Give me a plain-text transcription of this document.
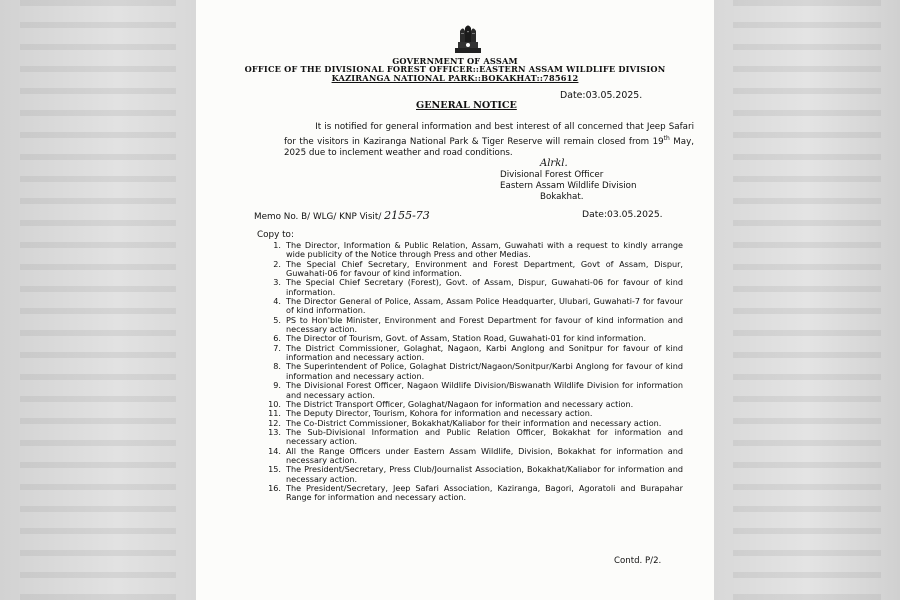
GOVERNMENT OF ASSAM
OFFICE OF THE DIVISIONAL FOREST OFFICER::EASTERN ASSAM WILDLIFE DIVISION
KAZIRANGA NATIONAL PARK::BOKAKHAT::785612
Date:03.05.2025.
GENERAL NOTICE

It is notified for general information and best interest of all concerned that Jeep Safari for the visitors in Kaziranga National Park & Tiger Reserve will remain closed from 19th May, 2025 due to inclement weather and road conditions.

Alrkl.
Divisional Forest Officer
Eastern Assam Wildlife Division
Bokakhat.
Memo No. B/ WLG/ KNP Visit/ 2155-73	Date:03.05.2025.
Copy to:
1. The Director, Information & Public Relation, Assam, Guwahati with a request to kindly arrange wide publicity of the Notice through Press and other Medias.
2. The Special Chief Secretary, Environment and Forest Department, Govt of Assam, Dispur, Guwahati-06 for favour of kind information.
3. The Special Chief Secretary (Forest), Govt. of Assam, Dispur, Guwahati-06 for favour of kind information.
4. The Director General of Police, Assam, Assam Police Headquarter, Ulubari, Guwahati-7 for favour of kind information.
5. PS to Hon'ble Minister, Environment and Forest Department for favour of kind information and necessary action.
6. The Director of Tourism, Govt. of Assam, Station Road, Guwahati-01 for kind information.
7. The District Commissioner, Golaghat, Nagaon, Karbi Anglong and Sonitpur for favour of kind information and necessary action.
8. The Superintendent of Police, Golaghat District/Nagaon/Sonitpur/Karbi Anglong for favour of kind information and necessary action.
9. The Divisional Forest Officer, Nagaon Wildlife Division/Biswanath Wildlife Division for information and necessary action.
10. The District Transport Officer, Golaghat/Nagaon for information and necessary action.
11. The Deputy Director, Tourism, Kohora for information and necessary action.
12. The Co-District Commissioner, Bokakhat/Kaliabor for their information and necessary action.
13. The Sub-Divisional Information and Public Relation Officer, Bokakhat for information and necessary action.
14. All the Range Officers under Eastern Assam Wildlife, Division, Bokakhat for information and necessary action.
15. The President/Secretary, Press Club/Journalist Association, Bokakhat/Kaliabor for information and necessary action.
16. The President/Secretary, Jeep Safari Association, Kaziranga, Bagori, Agoratoli and Burapahar Range for information and necessary action.
Contd. P/2.
